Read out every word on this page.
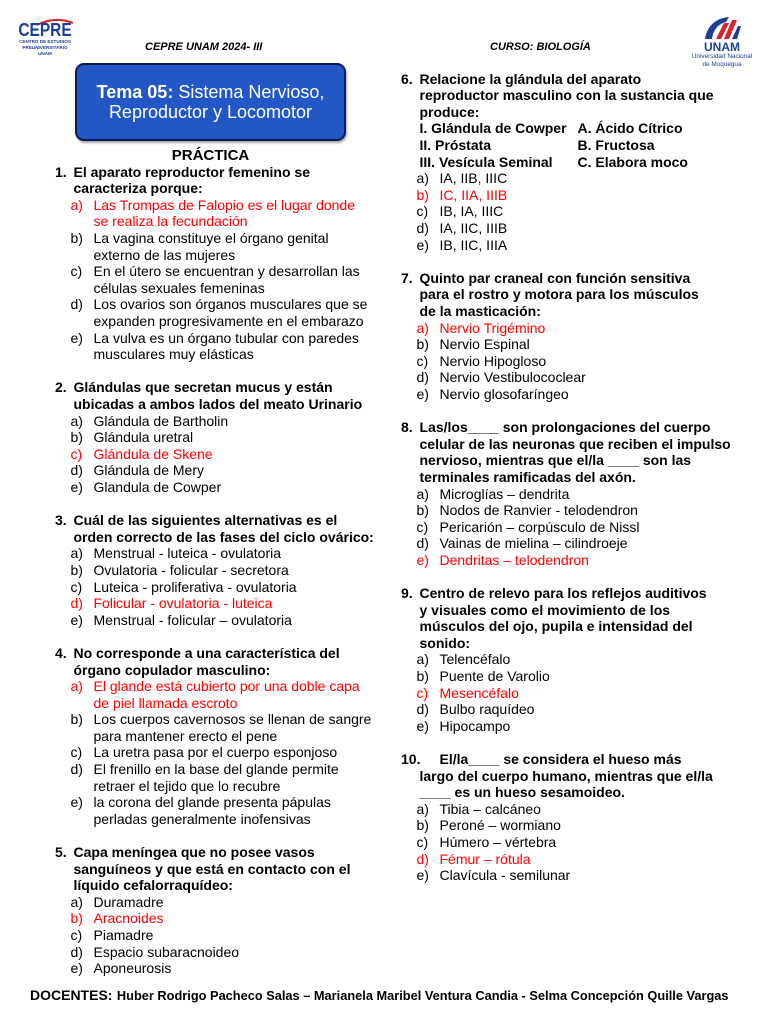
CEPRE
CENTRO DE ESTUDIOS
PREUNIVERSITARIO
UNAM
CEPRE UNAM 2024- III	CURSO: BIOLOGÍA	UNAM
Universidad Nacional
de Moquegua
Tema 05: Sistema Nervioso,
Reproductor y Locomotor
PRÁCTICA
1. El aparato reproductor femenino se
caracteriza porque:
a) Las Trompas de Falopio es el lugar donde
se realiza la fecundación
b) La vagina constituye el órgano genital
externo de las mujeres
c) En el útero se encuentran y desarrollan las
células sexuales femeninas
d) Los ovarios son órganos musculares que se
expanden progresivamente en el embarazo
e) La vulva es un órgano tubular con paredes
musculares muy elásticas
2. Glándulas que secretan mucus y están
ubicadas a ambos lados del meato Urinario
a) Glándula de Bartholin
b) Glándula uretral
c) Glándula de Skene
d) Glándula de Mery
e) Glandula de Cowper
3. Cuál de las siguientes alternativas es el
orden correcto de las fases del ciclo ovárico:
a) Menstrual - luteica - ovulatoria
b) Ovulatoria - folicular - secretora
c) Luteica - proliferativa - ovulatoria
d) Folicular - ovulatoria - luteica
e) Menstrual - folicular – ovulatoria
4. No corresponde a una característica del
órgano copulador masculino:
a) El glande está cubierto por una doble capa
de piel llamada escroto
b) Los cuerpos cavernosos se llenan de sangre
para mantener erecto el pene
c) La uretra pasa por el cuerpo esponjoso
d) El frenillo en la base del glande permite
retraer el tejido que lo recubre
e) la corona del glande presenta pápulas
perladas generalmente inofensivas
5. Capa meníngea que no posee vasos
sanguíneos y que está en contacto con el
líquido cefalorraquídeo:
a) Duramadre
b) Aracnoides
c) Piamadre
d) Espacio subaracnoideo
e) Aponeurosis
6. Relacione la glándula del aparato
reproductor masculino con la sustancia que
produce:
I. Glándula de Cowper A. Ácido Cítrico
II. Próstata	B. Fructosa
III. Vesícula Seminal	C. Elabora moco
a) IA, IIB, IIIC
b) IC, IIA, IIIB
c) IB, IA, IIIC
d) IA, IIC, IIIB
e) IB, IIC, IIIA
7. Quinto par craneal con función sensitiva
para el rostro y motora para los músculos
de la masticación:
a) Nervio Trigémino
b) Nervio Espinal
c) Nervio Hipogloso
d) Nervio Vestibulococlear
e) Nervio glosofaríngeo
8. Las/los____ son prolongaciones del cuerpo
celular de las neuronas que reciben el impulso
nervioso, mientras que el/la ____ son las
terminales ramificadas del axón.
a) Microglías – dendrita
b) Nodos de Ranvier - telodendron
c) Pericarión – corpúsculo de Nissl
d) Vainas de mielina – cilindroeje
e) Dendritas – telodendron
9. Centro de relevo para los reflejos auditivos
y visuales como el movimiento de los
músculos del ojo, pupila e intensidad del
sonido:
a) Telencéfalo
b) Puente de Varolio
c) Mesencéfalo
d) Bulbo raquídeo
e) Hipocampo
10.	El/la____ se considera el hueso más
largo del cuerpo humano, mientras que el/la
____ es un hueso sesamoideo.
a) Tibia – calcáneo
b) Peroné – wormiano
c) Húmero – vértebra
d) Fémur – rótula
e) Clavícula - semilunar
DOCENTES: Huber Rodrigo Pacheco Salas – Marianela Maribel Ventura Candia - Selma Concepción Quille Vargas
